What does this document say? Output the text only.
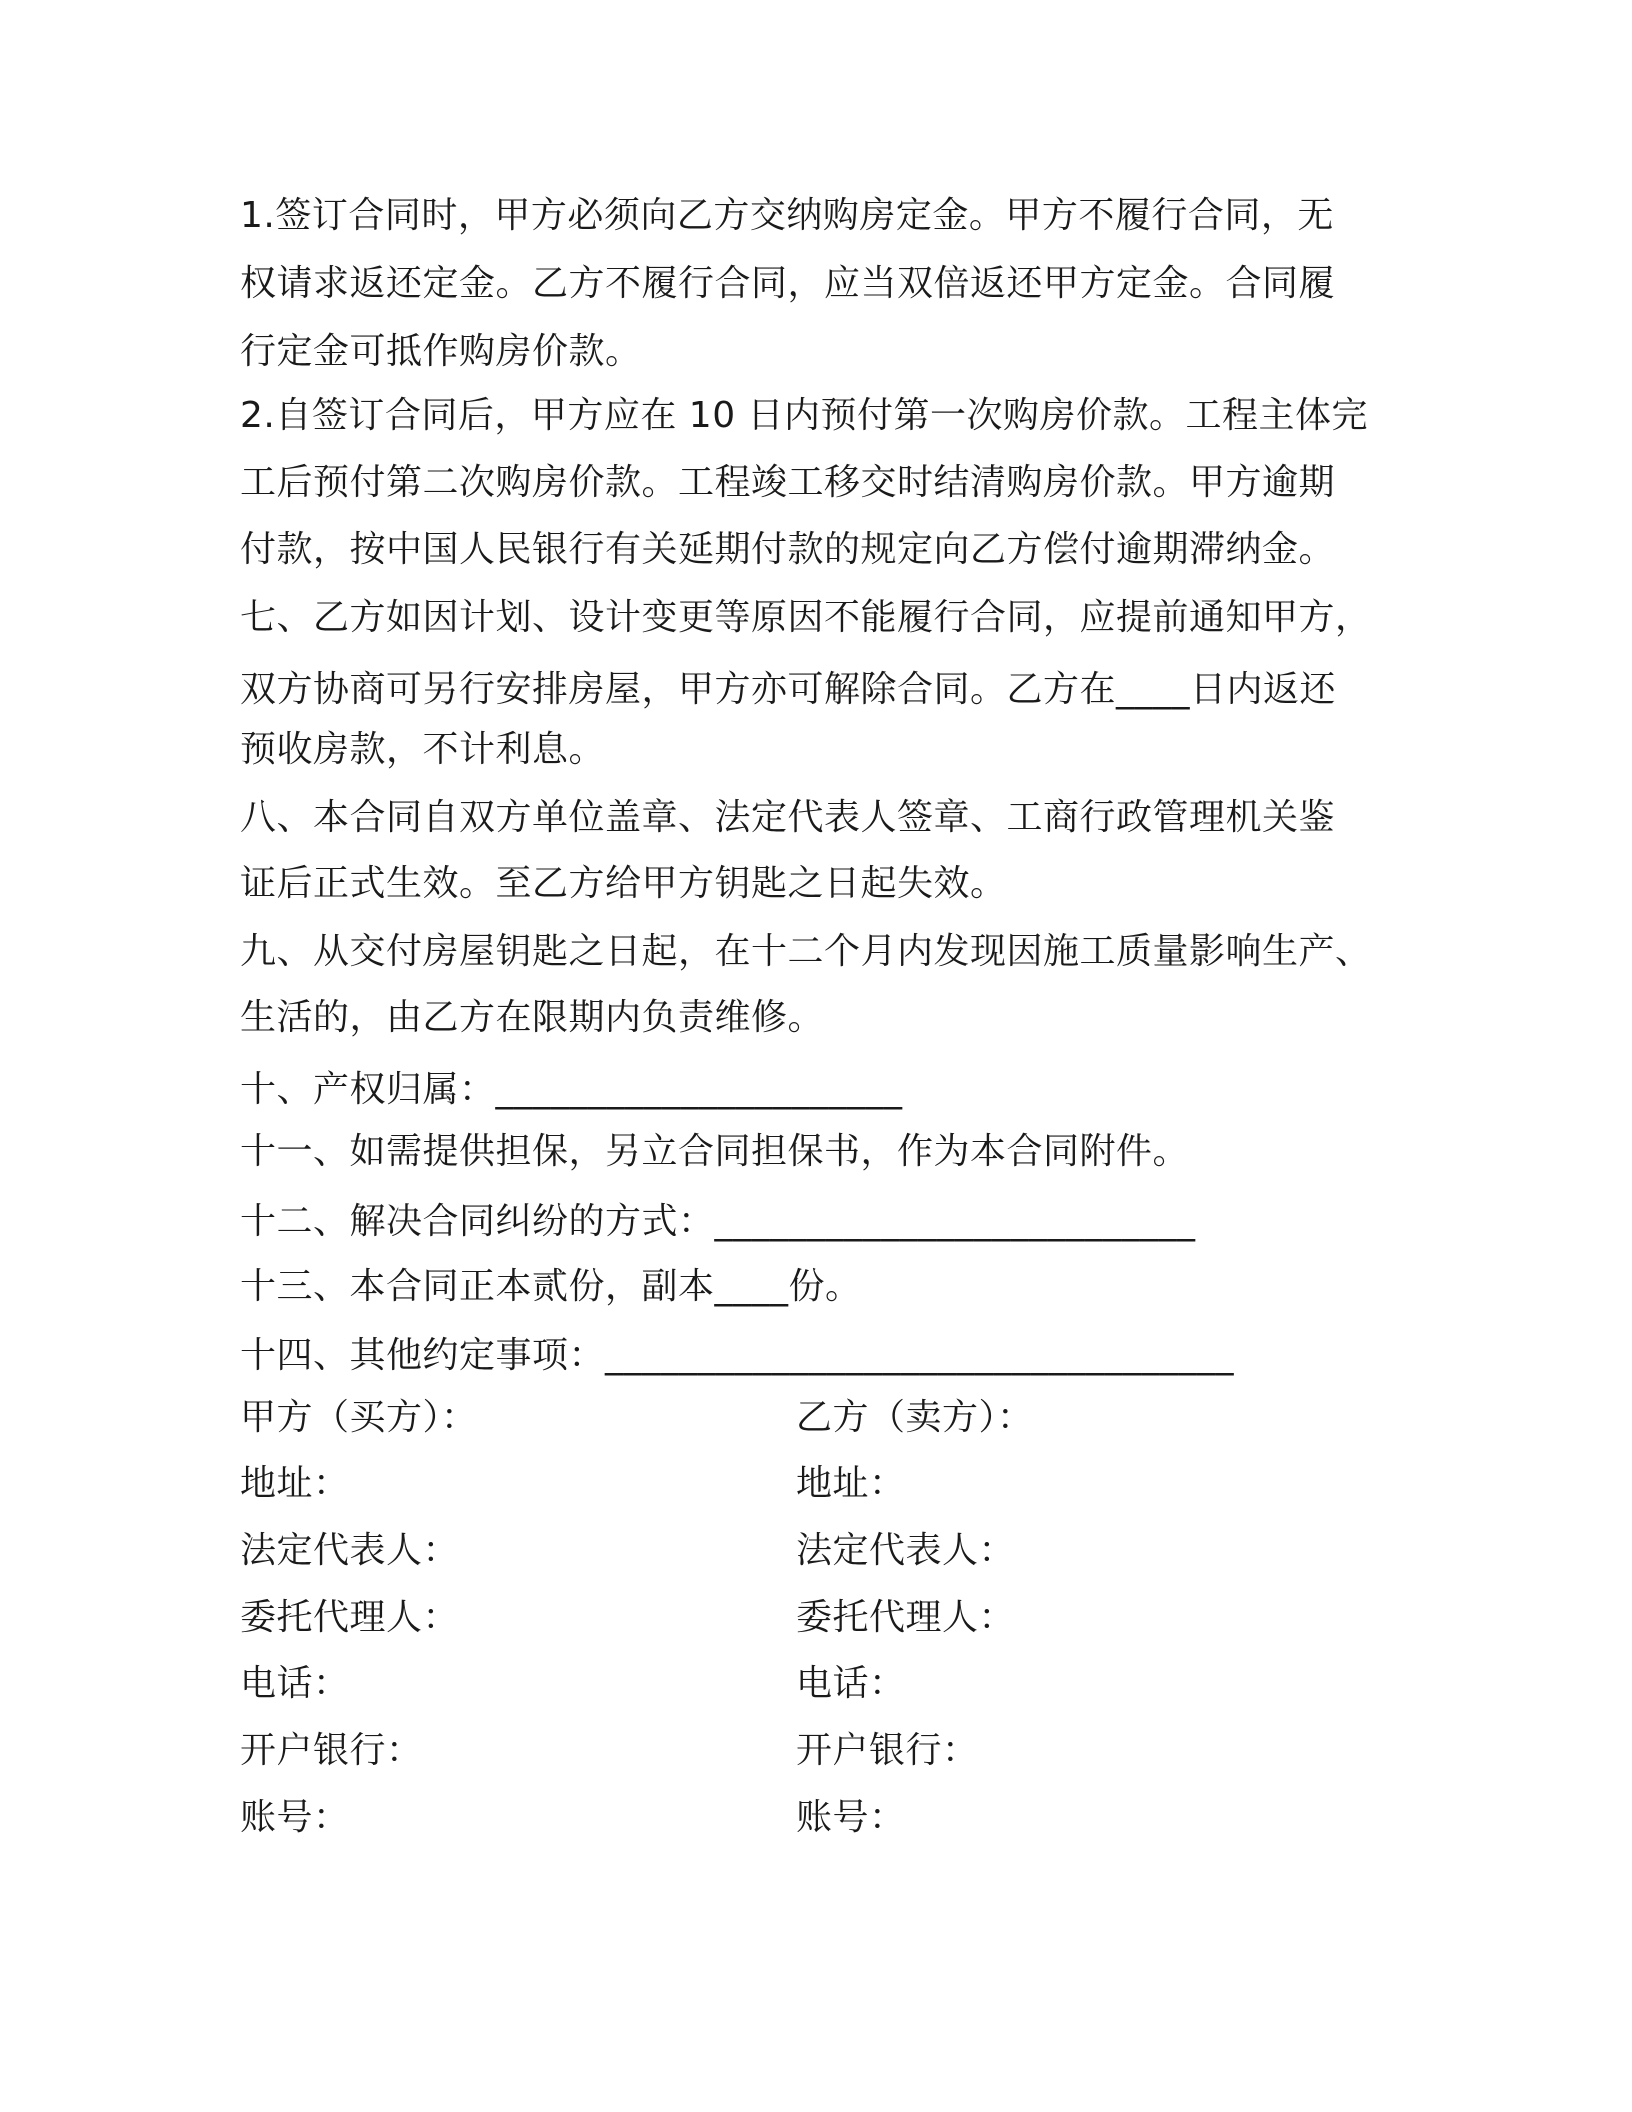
1.签订合同时，甲方必须向乙方交纳购房定金。甲方不履行合同，无
权请求返还定金。乙方不履行合同，应当双倍返还甲方定金。合同履
行定金可抵作购房价款。
2.自签订合同后，甲方应在 10 日内预付第一次购房价款。工程主体完
工后预付第二次购房价款。工程竣工移交时结清购房价款。甲方逾期
付款，按中国人民银行有关延期付款的规定向乙方偿付逾期滞纳金。
七、乙方如因计划、设计变更等原因不能履行合同，应提前通知甲方，
双方协商可另行安排房屋，甲方亦可解除合同。乙方在____日内返还
预收房款，不计利息。
八、本合同自双方单位盖章、法定代表人签章、工商行政管理机关鉴
证后正式生效。至乙方给甲方钥匙之日起失效。
九、从交付房屋钥匙之日起，在十二个月内发现因施工质量影响生产、
生活的，由乙方在限期内负责维修。
十、产权归属：______________________
十一、如需提供担保，另立合同担保书，作为本合同附件。
十二、解决合同纠纷的方式：__________________________
十三、本合同正本贰份，副本____份。
十四、其他约定事项：__________________________________
甲方（买方）：
地址：
法定代表人：
委托代理人：
电话：
开户银行：
账号：
乙方（卖方）：
地址：
法定代表人：
委托代理人：
电话：
开户银行：
账号：
